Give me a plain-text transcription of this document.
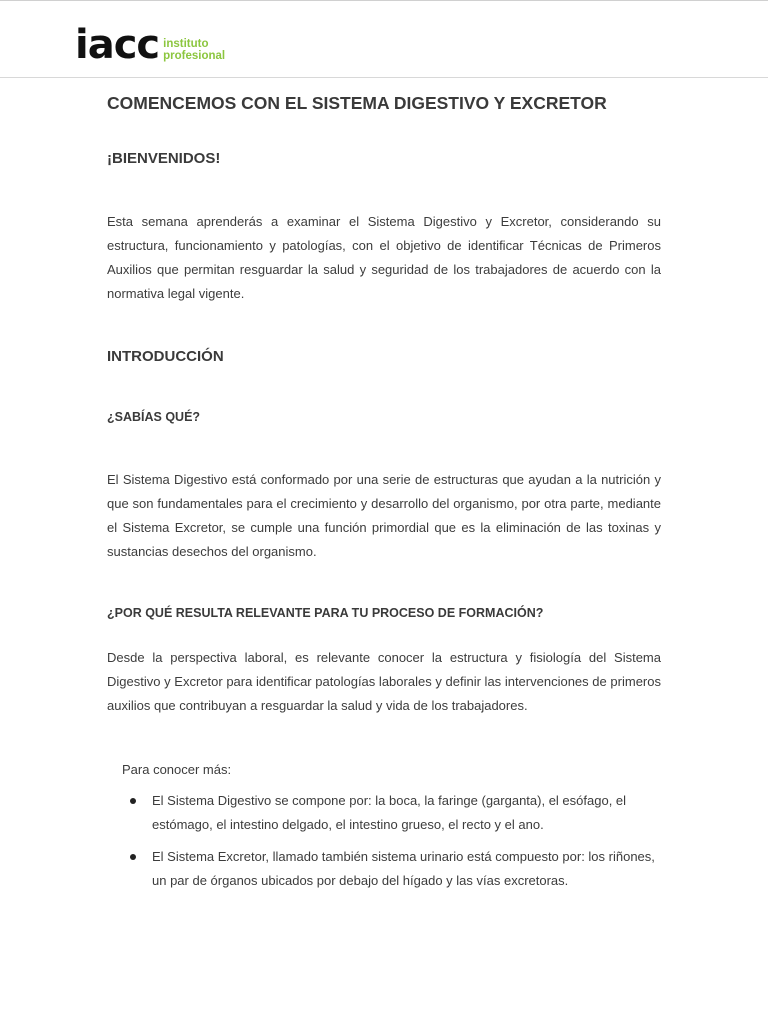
iacc instituto
profesional
COMENCEMOS CON EL SISTEMA DIGESTIVO Y EXCRETOR
¡BIENVENIDOS!

Esta semana aprenderás a examinar el Sistema Digestivo y Excretor, considerando su estructura, funcionamiento y patologías, con el objetivo de identificar Técnicas de Primeros Auxilios que permitan resguardar la salud y seguridad de los trabajadores de acuerdo con la normativa legal vigente.

INTRODUCCIÓN
¿SABÍAS QUÉ?

El Sistema Digestivo está conformado por una serie de estructuras que ayudan a la nutrición y que son fundamentales para el crecimiento y desarrollo del organismo, por otra parte, mediante el Sistema Excretor, se cumple una función primordial que es la eliminación de las toxinas y sustancias desechos del organismo.

¿POR QUÉ RESULTA RELEVANTE PARA TU PROCESO DE FORMACIÓN?

Desde la perspectiva laboral, es relevante conocer la estructura y fisiología del Sistema Digestivo y Excretor para identificar patologías laborales y definir las intervenciones de primeros auxilios que contribuyan a resguardar la salud y vida de los trabajadores.

Para conocer más:

El Sistema Digestivo se compone por: la boca, la faringe (garganta), el esófago, el estómago, el intestino delgado, el intestino grueso, el recto y el ano.
El Sistema Excretor, llamado también sistema urinario está compuesto por: los riñones, un par de órganos ubicados por debajo del hígado y las vías excretoras.
